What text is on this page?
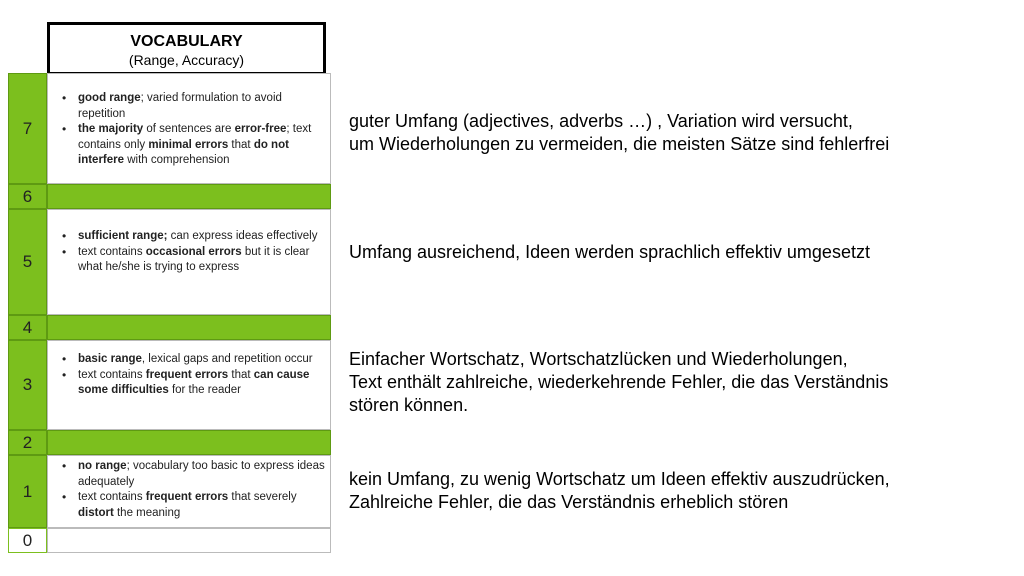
VOCABULARY
(Range, Accuracy)
7
• good range; varied formulation to avoid repetition
• the majority of sentences are error-free; text contains only minimal errors that do not interfere with comprehension
6
5
• sufficient range; can express ideas effectively
• text contains occasional errors but it is clear what he/she is trying to express
4
3
• basic range, lexical gaps and repetition occur
• text contains frequent errors that can cause some difficulties for the reader
2
1
• no range; vocabulary too basic to express ideas adequately
• text contains frequent errors that severely distort the meaning
0
guter Umfang (adjectives, adverbs …) , Variation wird versucht,
um Wiederholungen zu vermeiden, die meisten Sätze sind fehlerfrei
Umfang ausreichend, Ideen werden sprachlich effektiv umgesetzt
Einfacher Wortschatz, Wortschatzlücken und Wiederholungen,
Text enthält zahlreiche, wiederkehrende Fehler, die das Verständnis
stören können.
kein Umfang, zu wenig Wortschatz um Ideen effektiv auszudrücken,
Zahlreiche Fehler, die das Verständnis erheblich stören
